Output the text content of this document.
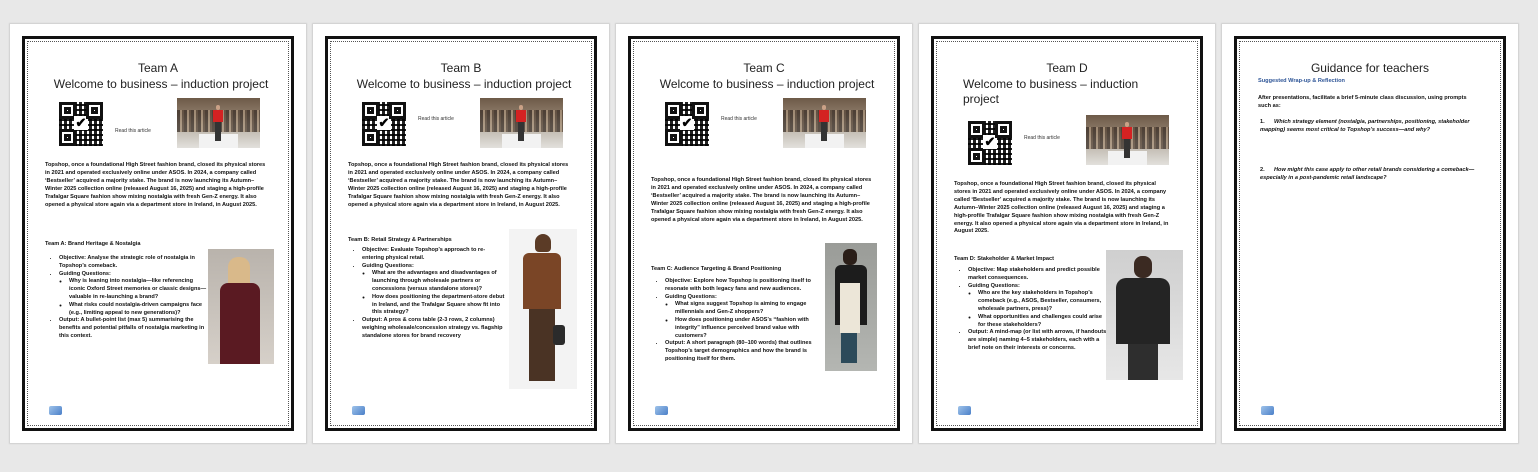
Team A
Welcome to business – induction project
✔
Read this article

Topshop, once a foundational High Street fashion brand, closed its physical stores in 2021 and operated exclusively online under ASOS. In 2024, a company called ‘Bestseller’ acquired a majority stake. The brand is now launching its Autumn–Winter 2025 collection online (released August 16, 2025) and staging a high-profile Trafalgar Square fashion show mixing nostalgia with fresh Gen-Z energy. It also opened a physical store again via a department store in Ireland, in August 2025.

Team A: Brand Heritage & Nostalgia
• Objective: Analyse the strategic role of nostalgia in Topshop’s comeback.
• Guiding Questions:
◦ Why is leaning into nostalgia—like referencing iconic Oxford Street memories or classic designs—valuable in re-launching a brand?
◦ What risks could nostalgia-driven campaigns face (e.g., limiting appeal to new generations)?
• Output: A bullet-point list (max 5) summarising the benefits and potential pitfalls of nostalgia marketing in this context.
Team B
Welcome to business – induction project
✔	Read this article

Topshop, once a foundational High Street fashion brand, closed its physical stores in 2021 and operated exclusively online under ASOS. In 2024, a company called ‘Bestseller’ acquired a majority stake. The brand is now launching its Autumn–Winter 2025 collection online (released August 16, 2025) and staging a high-profile Trafalgar Square fashion show mixing nostalgia with fresh Gen-Z energy. It also opened a physical store again via a department store in Ireland, in August 2025.

Team B: Retail Strategy & Partnerships
• Objective: Evaluate Topshop’s approach to re-entering physical retail.
• Guiding Questions:
◦ What are the advantages and disadvantages of launching through wholesale partners or concessions (versus standalone stores)?
◦ How does positioning the department-store debut in Ireland, and the Trafalgar Square show fit into this strategy?
• Output: A pros & cons table (2-3 rows, 2 columns) weighing wholesale/concession strategy vs. flagship standalone stores for brand recovery
Team C
Welcome to business – induction project
✔	Read this article

Topshop, once a foundational High Street fashion brand, closed its physical stores in 2021 and operated exclusively online under ASOS. In 2024, a company called ‘Bestseller’ acquired a majority stake. The brand is now launching its Autumn–Winter 2025 collection online (released August 16, 2025) and staging a high-profile Trafalgar Square fashion show mixing nostalgia with fresh Gen-Z energy. It also opened a physical store again via a department store in Ireland, in August 2025.

Team C: Audience Targeting & Brand Positioning
• Objective: Explore how Topshop is positioning itself to resonate with both legacy fans and new audiences.
• Guiding Questions:
◦ What signs suggest Topshop is aiming to engage millennials and Gen-Z shoppers?
◦ How does positioning under ASOS’s “fashion with integrity” influence perceived brand value with customers?
• Output: A short paragraph (80–100 words) that outlines Topshop’s target demographics and how the brand is positioning itself for them.
Team D
Welcome to business – induction project
✔	Read this article

Topshop, once a foundational High Street fashion brand, closed its physical stores in 2021 and operated exclusively online under ASOS. In 2024, a company called ‘Bestseller’ acquired a majority stake. The brand is now launching its Autumn–Winter 2025 collection online (released August 16, 2025) and staging a high-profile Trafalgar Square fashion show mixing nostalgia with fresh Gen-Z energy. It also opened a physical store again via a department store in Ireland, in August 2025.

Team D: Stakeholder & Market Impact
• Objective: Map stakeholders and predict possible market consequences.
• Guiding Questions:
◦ Who are the key stakeholders in Topshop’s comeback (e.g., ASOS, Bestseller, consumers, wholesale partners, press)?
◦ What opportunities and challenges could arise for these stakeholders?
• Output: A mind-map (or list with arrows, if handouts are simple) naming 4–5 stakeholders, each with a brief note on their interests or concerns.
Guidance for teachers
Suggested Wrap-up & Reflection
After presentations, facilitate a brief 5-minute class discussion, using prompts such as:
1. Which strategy element (nostalgia, partnerships, positioning, stakeholder mapping) seems most critical to Topshop’s success—and why?
2. How might this case apply to other retail brands considering a comeback—especially in a post-pandemic retail landscape?
